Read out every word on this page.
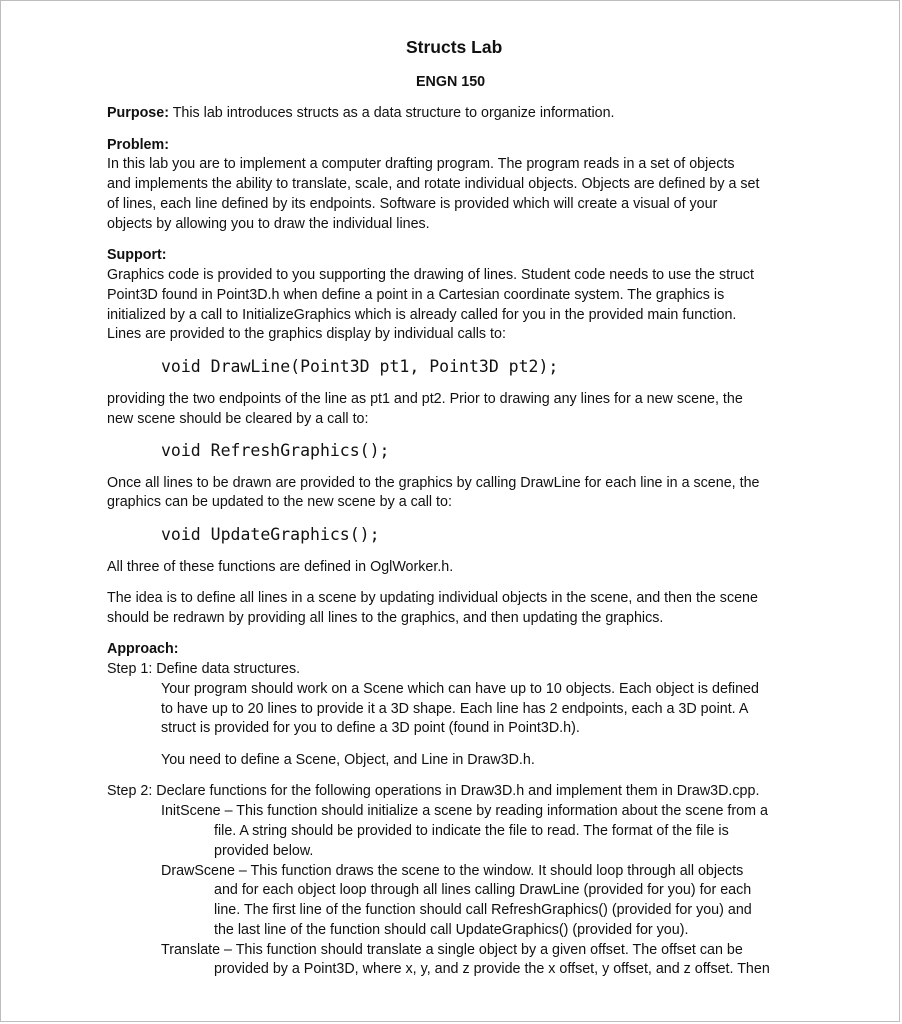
Structs Lab
ENGN 150
Purpose: This lab introduces structs as a data structure to organize information.
Problem:
In this lab you are to implement a computer drafting program. The program reads in a set of objects
and implements the ability to translate, scale, and rotate individual objects. Objects are defined by a set
of lines, each line defined by its endpoints. Software is provided which will create a visual of your
objects by allowing you to draw the individual lines.
Support:
Graphics code is provided to you supporting the drawing of lines. Student code needs to use the struct
Point3D found in Point3D.h when define a point in a Cartesian coordinate system. The graphics is
initialized by a call to InitializeGraphics which is already called for you in the provided main function.
Lines are provided to the graphics display by individual calls to:
void DrawLine(Point3D pt1, Point3D pt2);
providing the two endpoints of the line as pt1 and pt2. Prior to drawing any lines for a new scene, the
new scene should be cleared by a call to:
void RefreshGraphics();
Once all lines to be drawn are provided to the graphics by calling DrawLine for each line in a scene, the
graphics can be updated to the new scene by a call to:
void UpdateGraphics();
All three of these functions are defined in OglWorker.h.
The idea is to define all lines in a scene by updating individual objects in the scene, and then the scene
should be redrawn by providing all lines to the graphics, and then updating the graphics.
Approach:
Step 1: Define data structures.
Your program should work on a Scene which can have up to 10 objects. Each object is defined
to have up to 20 lines to provide it a 3D shape. Each line has 2 endpoints, each a 3D point. A
struct is provided for you to define a 3D point (found in Point3D.h).
You need to define a Scene, Object, and Line in Draw3D.h.
Step 2: Declare functions for the following operations in Draw3D.h and implement them in Draw3D.cpp.
InitScene – This function should initialize a scene by reading information about the scene from a
file. A string should be provided to indicate the file to read. The format of the file is
provided below.
DrawScene – This function draws the scene to the window. It should loop through all objects
and for each object loop through all lines calling DrawLine (provided for you) for each
line. The first line of the function should call RefreshGraphics() (provided for you) and
the last line of the function should call UpdateGraphics() (provided for you).
Translate – This function should translate a single object by a given offset. The offset can be
provided by a Point3D, where x, y, and z provide the x offset, y offset, and z offset. Then
